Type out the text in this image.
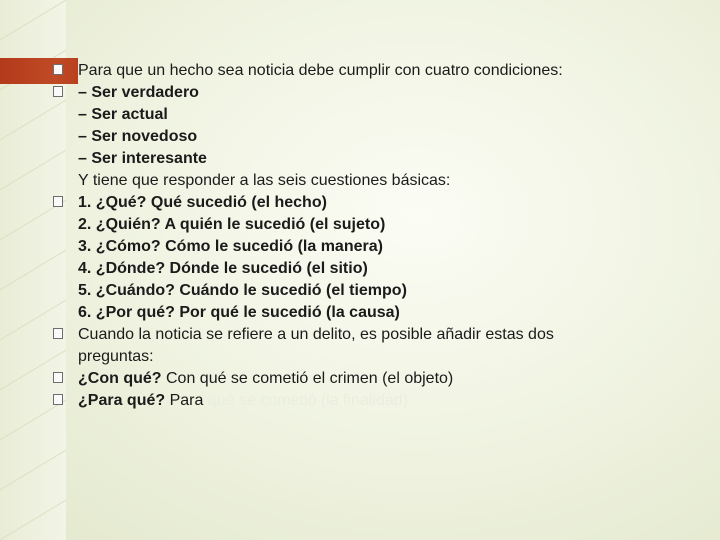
Para que un hecho sea noticia debe cumplir con cuatro condiciones:
– Ser verdadero
– Ser actual
– Ser novedoso
– Ser interesante
Y tiene que responder a las seis cuestiones básicas:
1. ¿Qué? Qué sucedió (el hecho)
2. ¿Quién? A quién le sucedió (el sujeto)
3. ¿Cómo? Cómo le sucedió (la manera)
4. ¿Dónde? Dónde le sucedió (el sitio)
5. ¿Cuándo? Cuándo le sucedió (el tiempo)
6. ¿Por qué? Por qué le sucedió (la causa)
Cuando la noticia se refiere a un delito, es posible añadir estas dos
preguntas:
¿Con qué? Con qué se cometió el crimen (el objeto)
¿Para qué? Para qué se cometió (la finalidad)
